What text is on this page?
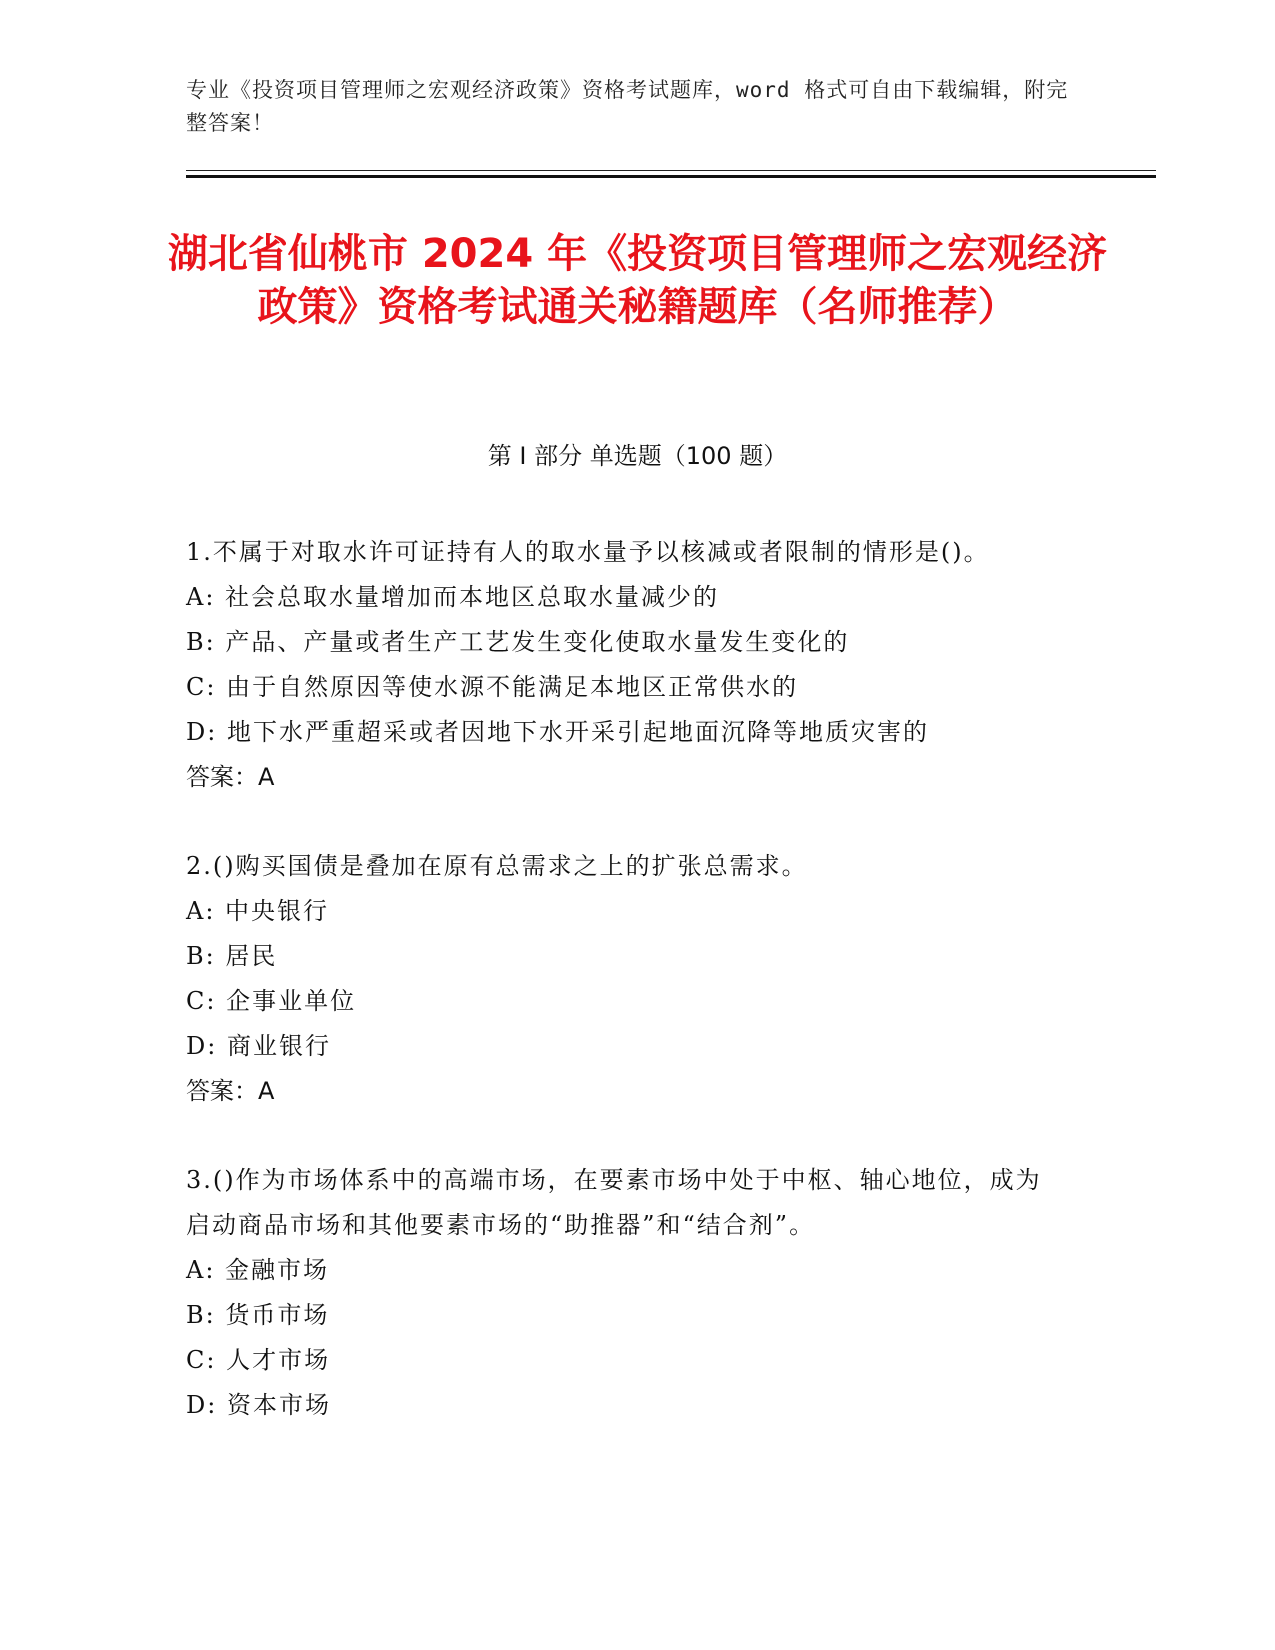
专业《投资项目管理师之宏观经济政策》资格考试题库，word 格式可自由下载编辑，附完整答案！
湖北省仙桃市 2024 年《投资项目管理师之宏观经济政策》资格考试通关秘籍题库（名师推荐）
第 I 部分 单选题（100 题）

1.不属于对取水许可证持有人的取水量予以核减或者限制的情形是()。

A: 社会总取水量增加而本地区总取水量减少的

B: 产品、产量或者生产工艺发生变化使取水量发生变化的

C: 由于自然原因等使水源不能满足本地区正常供水的

D: 地下水严重超采或者因地下水开采引起地面沉降等地质灾害的

答案：A

2.()购买国债是叠加在原有总需求之上的扩张总需求。

A: 中央银行

B: 居民

C: 企事业单位

D: 商业银行

答案：A

3.()作为市场体系中的高端市场，在要素市场中处于中枢、轴心地位，成为启动商品市场和其他要素市场的“助推器”和“结合剂”。

A: 金融市场

B: 货币市场

C: 人才市场

D: 资本市场
